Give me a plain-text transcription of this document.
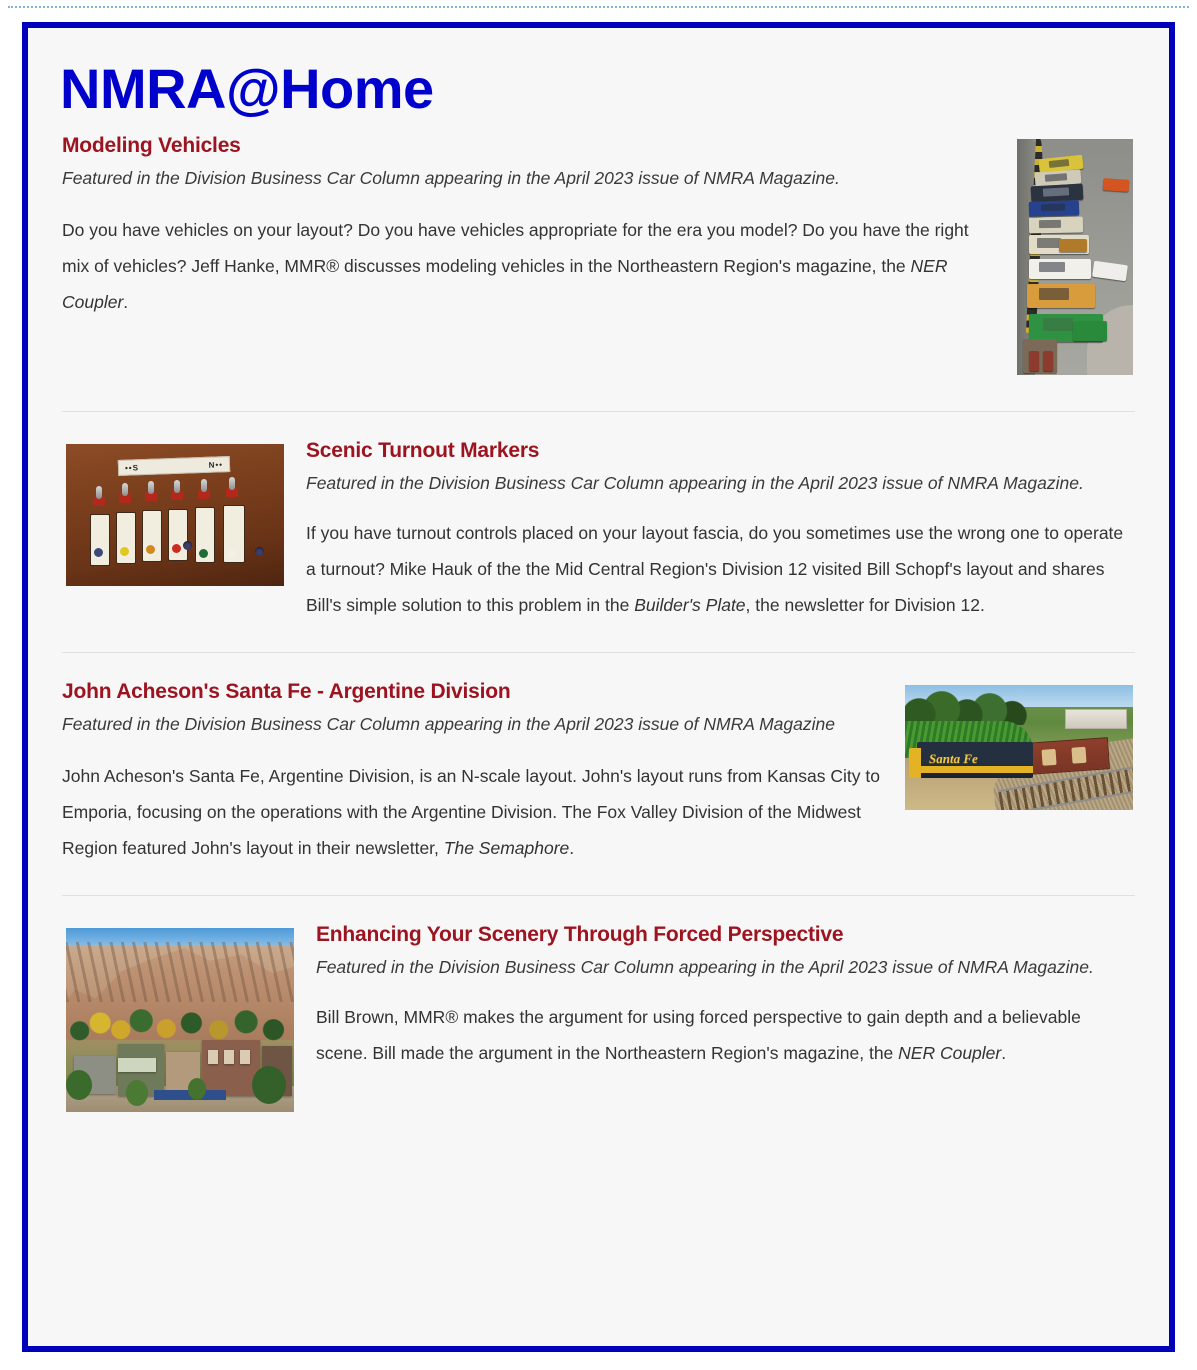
NMRA@Home
Modeling Vehicles

Featured in the Division Business Car Column appearing in the April 2023 issue of NMRA Magazine.

Do you have vehicles on your layout? Do you have vehicles appropriate for the era you model? Do you have the right mix of vehicles? Jeff Hanke, MMR® discusses modeling vehicles in the Northeastern Region's magazine, the NER Coupler.

••S	N••
Scenic Turnout Markers

Featured in the Division Business Car Column appearing in the April 2023 issue of NMRA Magazine.

If you have turnout controls placed on your layout fascia, do you sometimes use the wrong one to operate a turnout? Mike Hauk of the the Mid Central Region's Division 12 visited Bill Schopf's layout and shares Bill's simple solution to this problem in the Builder's Plate, the newsletter for Division 12.

Santa Fe
John Acheson's Santa Fe - Argentine Division

Featured in the Division Business Car Column appearing in the April 2023 issue of NMRA Magazine

John Acheson's Santa Fe, Argentine Division, is an N-scale layout. John's layout runs from Kansas City to Emporia, focusing on the operations with the Argentine Division. The Fox Valley Division of the Midwest Region featured John's layout in their newsletter, The Semaphore.

Enhancing Your Scenery Through Forced Perspective

Featured in the Division Business Car Column appearing in the April 2023 issue of NMRA Magazine.

Bill Brown, MMR® makes the argument for using forced perspective to gain depth and a believable scene. Bill made the argument in the Northeastern Region's magazine, the NER Coupler.
